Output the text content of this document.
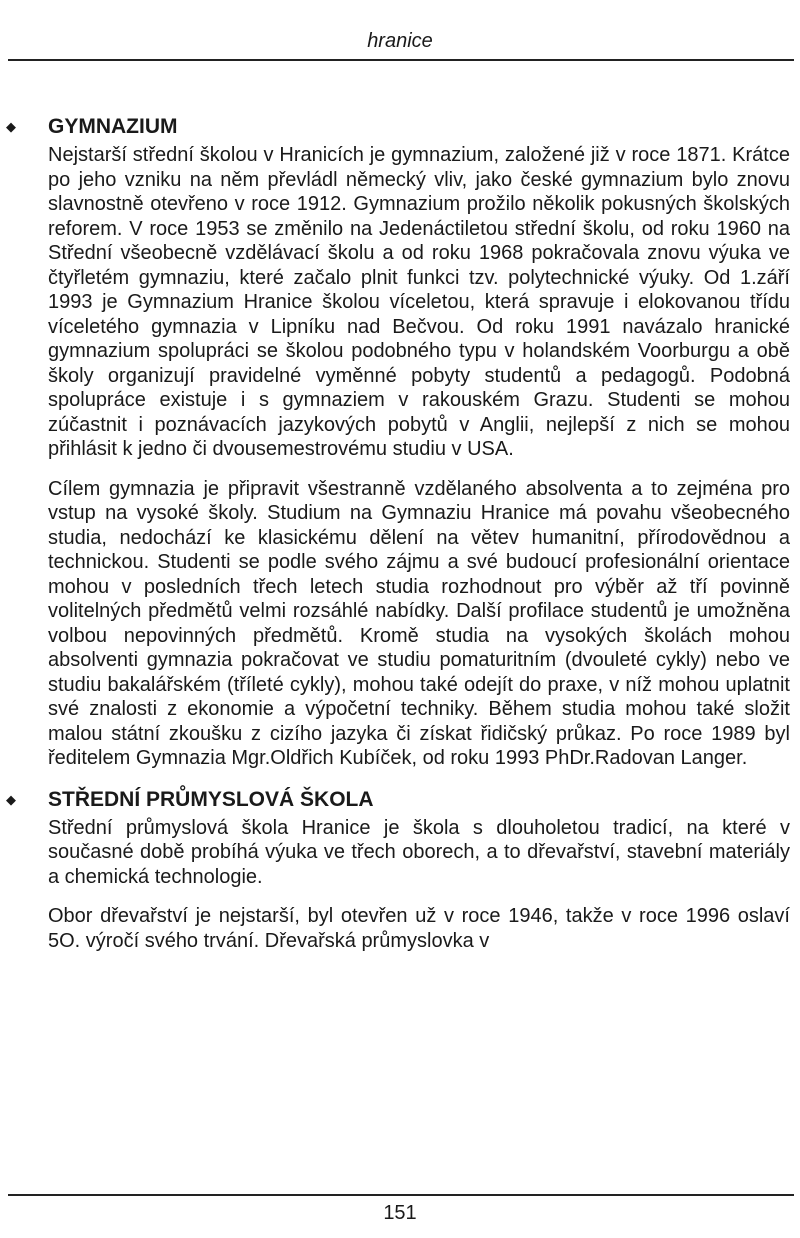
hranice
◆ GYMNAZIUM

Nejstarší střední školou v Hranicích je gymnazium, založené již v roce 1871. Krátce po jeho vzniku na něm převládl německý vliv, jako české gymnazium bylo znovu slavnostně otevřeno v roce 1912. Gymnazium prožilo několik pokusných školských reforem. V roce 1953 se změnilo na Jedenáctiletou střední školu, od roku 1960 na Střední všeobecně vzdělávací školu a od roku 1968 pokračovala znovu výuka ve čtyřletém gymnaziu, které začalo plnit funkci tzv. polytechnické výuky. Od 1.září 1993 je Gymnazium Hranice školou víceletou, která spravuje i elokovanou třídu víceletého gymnazia v Lipníku nad Bečvou. Od roku 1991 navázalo hranické gymnazium spolupráci se školou podobného typu v holandském Voorburgu a obě školy organizují pravidelné vyměnné pobyty studentů a pedagogů. Podobná spolupráce existuje i s gymnaziem v rakouském Grazu. Studenti se mohou zúčastnit i poznávacích jazykových pobytů v Anglii, nejlepší z nich se mohou přihlásit k jedno či dvousemestrovému studiu v USA.

Cílem gymnazia je připravit všestranně vzdělaného absolventa a to zejména pro vstup na vysoké školy. Studium na Gymnaziu Hranice má povahu všeobecného studia, nedochází ke klasickému dělení na větev humanitní, přírodovědnou a technickou. Studenti se podle svého zájmu a své budoucí profesionální orientace mohou v posledních třech letech studia rozhodnout pro výběr až tří povinně volitelných předmětů velmi rozsáhlé nabídky. Další profilace studentů je umožněna volbou nepovinných předmětů. Kromě studia na vysokých školách mohou absolventi gymnazia pokračovat ve studiu pomaturitním (dvouleté cykly) nebo ve studiu bakalářském (tříleté cykly), mohou také odejít do praxe, v níž mohou uplatnit své znalosti z ekonomie a výpočetní techniky. Během studia mohou také složit malou státní zkoušku z cizího jazyka či získat řidičský průkaz. Po roce 1989 byl ředitelem Gymnazia Mgr.Oldřich Kubíček, od roku 1993 PhDr.Radovan Langer.

◆ STŘEDNÍ PRŮMYSLOVÁ ŠKOLA

Střední průmyslová škola Hranice je škola s dlouholetou tradicí, na které v současné době probíhá výuka ve třech oborech, a to dřevařství, stavební materiály a chemická technologie.

Obor dřevařství je nejstarší, byl otevřen už v roce 1946, takže v roce 1996 oslaví 5O. výročí svého trvání. Dřevařská průmyslovka v

151
